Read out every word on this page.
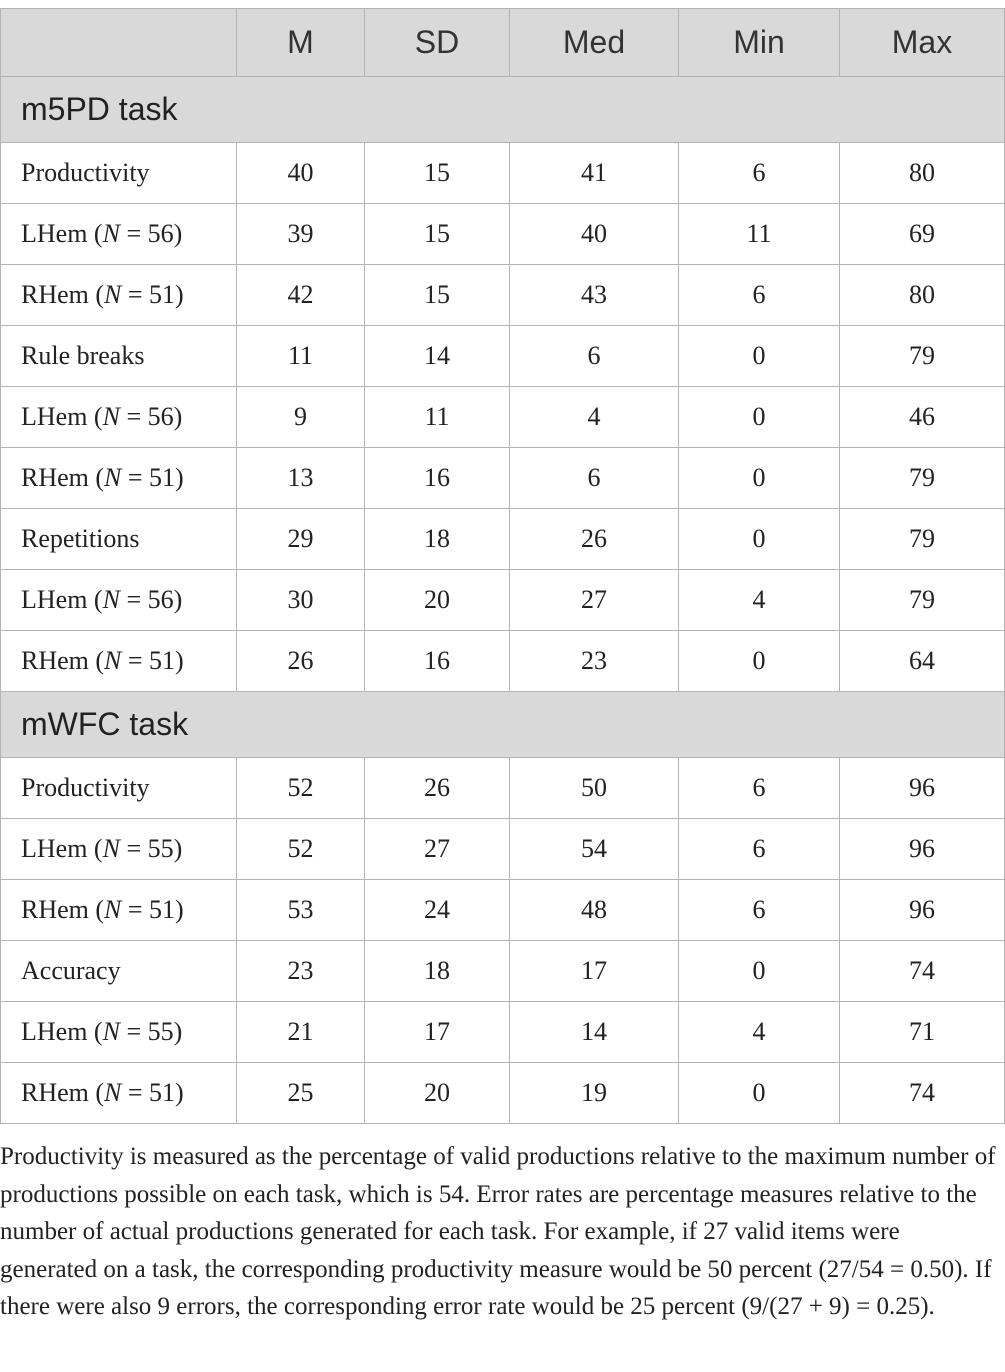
	M	SD	Med	Min	Max
m5PD task					
Productivity	40	15	41	6	80
LHem (N = 56)	39	15	40	11	69
RHem (N = 51)	42	15	43	6	80
Rule breaks	11	14	6	0	79
LHem (N = 56)	9	11	4	0	46
RHem (N = 51)	13	16	6	0	79
Repetitions	29	18	26	0	79
LHem (N = 56)	30	20	27	4	79
RHem (N = 51)	26	16	23	0	64
mWFC task					
Productivity	52	26	50	6	96
LHem (N = 55)	52	27	54	6	96
RHem (N = 51)	53	24	48	6	96
Accuracy	23	18	17	0	74
LHem (N = 55)	21	17	14	4	71
RHem (N = 51)	25	20	19	0	74
Productivity is measured as the percentage of valid productions relative to the maximum number of productions possible on each task, which is 54. Error rates are percentage measures relative to the number of actual productions generated for each task. For example, if 27 valid items were generated on a task, the corresponding productivity measure would be 50 percent (27/54 = 0.50). If there were also 9 errors, the corresponding error rate would be 25 percent (9/(27 + 9) = 0.25).
